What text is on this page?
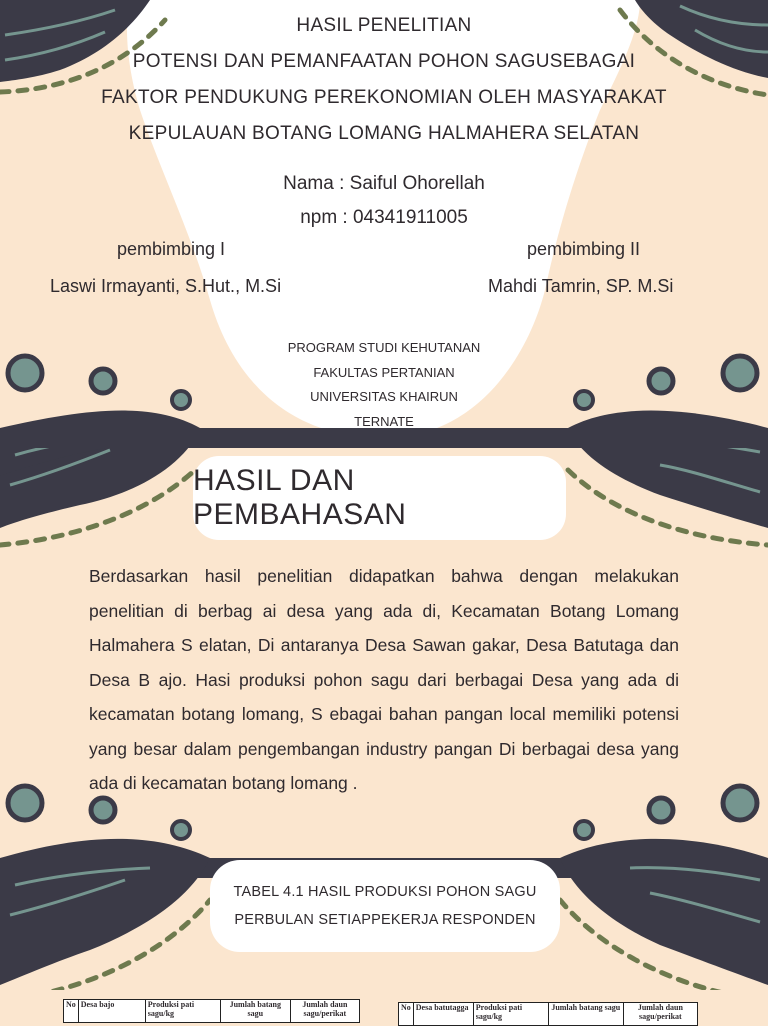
HASIL PENELITIAN
POTENSI DAN PEMANFAATAN POHON SAGUSEBAGAI
FAKTOR PENDUKUNG PEREKONOMIAN OLEH MASYARAKAT
KEPULAUAN BOTANG LOMANG HALMAHERA SELATAN
Nama : Saiful Ohorellah
npm : 04341911005
pembimbing I
Laswi Irmayanti, S.Hut., M.Si
pembimbing II
Mahdi Tamrin, SP. M.Si
PROGRAM STUDI KEHUTANAN
FAKULTAS PERTANIAN
UNIVERSITAS KHAIRUN
TERNATE
HASIL DAN PEMBAHASAN
Berdasarkan hasil penelitian didapatkan bahwa dengan melakukan penelitian di berbag ai desa yang ada di, Kecamatan Botang Lomang Halmahera S elatan, Di antaranya Desa Sawan gakar, Desa Batutaga dan Desa B ajo. Hasi produksi pohon sagu dari berbagai Desa yang ada di kecamatan botang lomang, S ebagai bahan pangan local memiliki potensi yang besar dalam pengembangan industry pangan Di berbagai desa yang ada di kecamatan botang lomang .
TABEL 4.1 HASIL PRODUKSI POHON SAGU
PERBULAN SETIAPPEKERJA RESPONDEN
No	Desa bajo	Produksi pati sagu/kg	Jumlah batang sagu	Jumlah daun sagu/perikat
No	Desa batutagga	Produksi pati sagu/kg	Jumlah batang sagu	Jumlah daun sagu/perikat
